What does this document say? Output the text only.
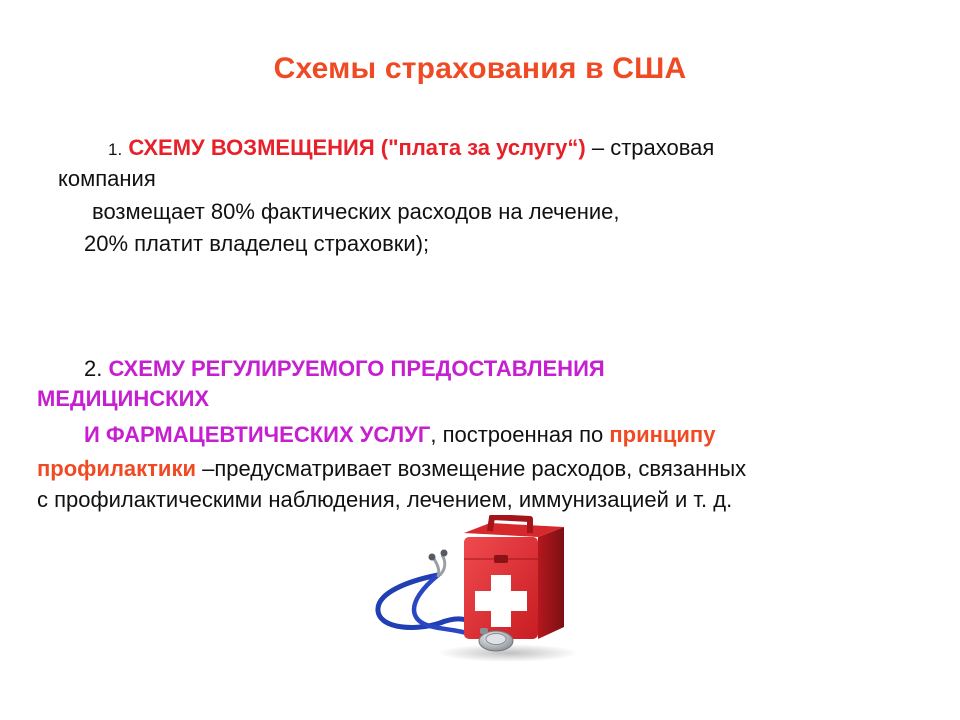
Схемы страхования в США
1. СХЕМУ ВОЗМЕЩЕНИЯ ("плата за услугу“) – страховая
компания
возмещает 80% фактических расходов на лечение,
20% платит владелец страховки);
2. СХЕМУ РЕГУЛИРУЕМОГО ПРЕДОСТАВЛЕНИЯ
МЕДИЦИНСКИХ
И ФАРМАЦЕВТИЧЕСКИХ УСЛУГ, построенная по принципу
профилактики –предусматривает возмещение расходов, связанных
с профилактическими наблюдения, лечением, иммунизацией и т. д.
